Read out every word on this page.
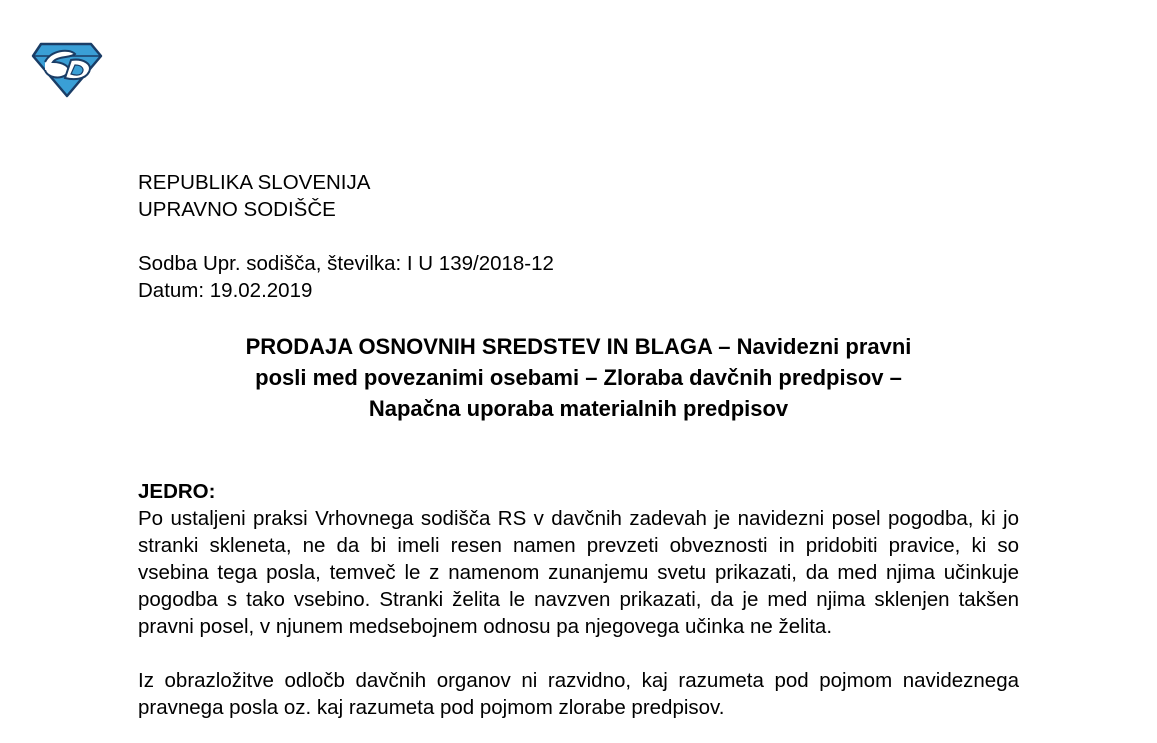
REPUBLIKA SLOVENIJA
UPRAVNO SODIŠČE
Sodba Upr. sodišča, številka: I U 139/2018-12
Datum: 19.02.2019
PRODAJA OSNOVNIH SREDSTEV IN BLAGA – Navidezni pravni
posli med povezanimi osebami – Zloraba davčnih predpisov –
Napačna uporaba materialnih predpisov
JEDRO:

Po ustaljeni praksi Vrhovnega sodišča RS v davčnih zadevah je navidezni posel pogodba, ki jo stranki skleneta, ne da bi imeli resen namen prevzeti obveznosti in pridobiti pravice, ki so vsebina tega posla, temveč le z namenom zunanjemu svetu prikazati, da med njima učinkuje pogodba s tako vsebino. Stranki želita le navzven prikazati, da je med njima sklenjen takšen pravni posel, v njunem medsebojnem odnosu pa njegovega učinka ne želita.

Iz obrazložitve odločb davčnih organov ni razvidno, kaj razumeta pod pojmom navideznega pravnega posla oz. kaj razumeta pod pojmom zlorabe predpisov.
